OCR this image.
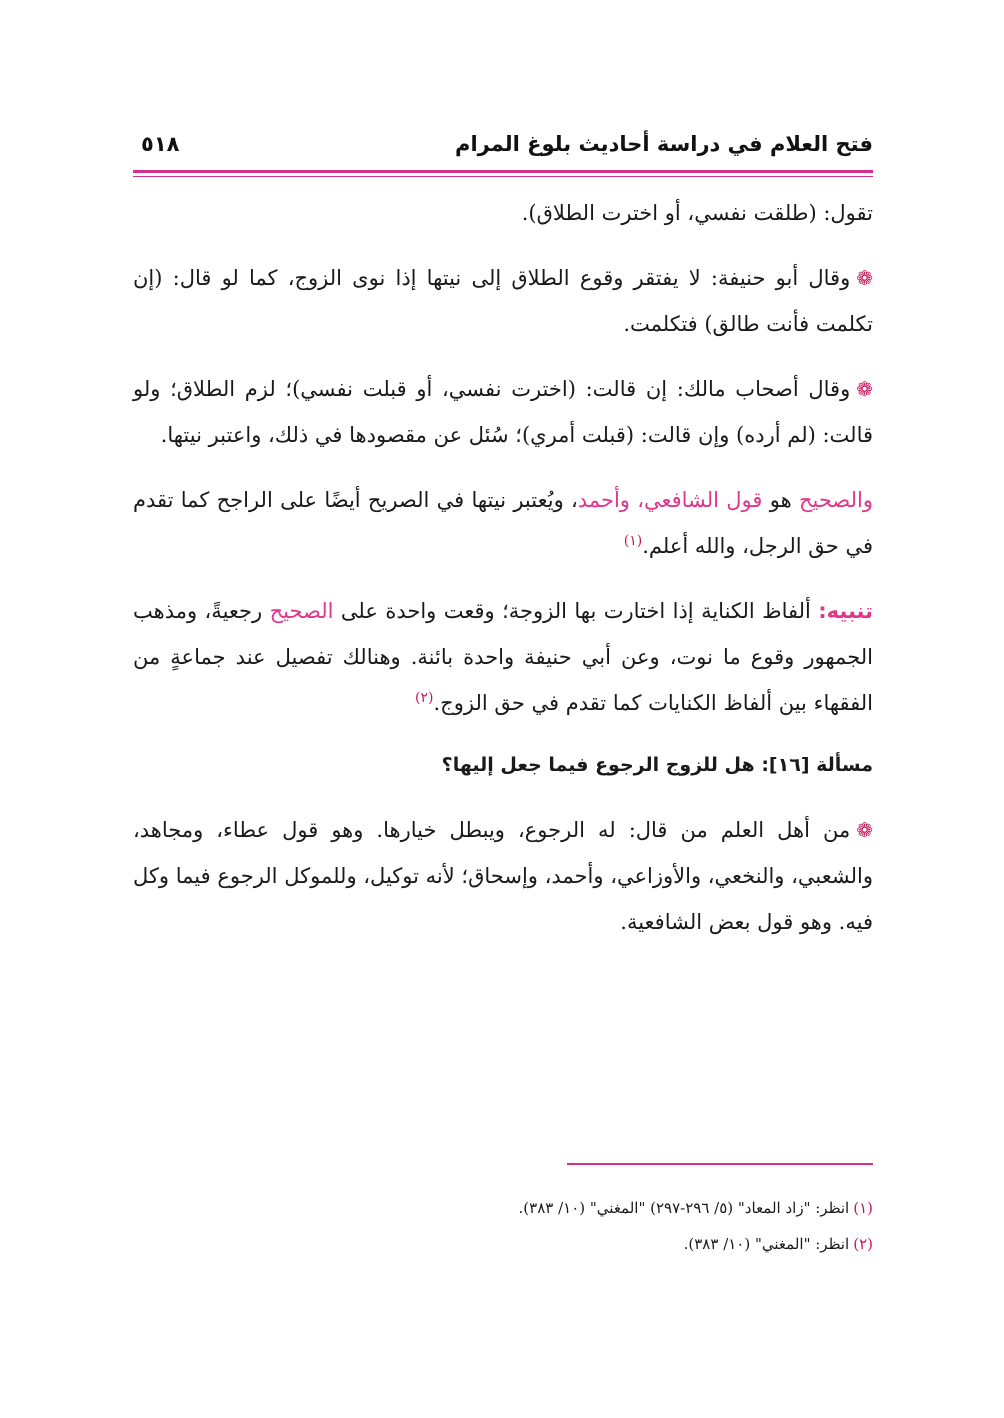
فتح العلام في دراسة أحاديث بلوغ المرام
٥١٨

تقول: (طلقت نفسي، أو اخترت الطلاق).

❁وقال أبو حنيفة: لا يفتقر وقوع الطلاق إلى نيتها إذا نوى الزوج، كما لو قال: (إن تكلمت فأنت طالق) فتكلمت.

❁وقال أصحاب مالك: إن قالت: (اخترت نفسي، أو قبلت نفسي)؛ لزم الطلاق؛ ولو قالت: (لم أرده) وإن قالت: (قبلت أمري)؛ سُئل عن مقصودها في ذلك، واعتبر نيتها.

والصحيح هو قول الشافعي، وأحمد، ويُعتبر نيتها في الصريح أيضًا على الراجح كما تقدم في حق الرجل، والله أعلم.$^{(١)}$

تنبيه: ألفاظ الكناية إذا اختارت بها الزوجة؛ وقعت واحدة على الصحيح رجعيةً، ومذهب الجمهور وقوع ما نوت، وعن أبي حنيفة واحدة بائنة. وهنالك تفصيل عند جماعةٍ من الفقهاء بين ألفاظ الكنايات كما تقدم في حق الزوج.$^{(٢)}$

مسألة [١٦]: هل للزوج الرجوع فيما جعل إليها؟

❁من أهل العلم من قال: له الرجوع، ويبطل خيارها. وهو قول عطاء، ومجاهد، والشعبي، والنخعي، والأوزاعي، وأحمد، وإسحاق؛ لأنه توكيل، وللموكل الرجوع فيما وكل فيه. وهو قول بعض الشافعية.

(١)انظر: "زاد المعاد" (٥/ ٢٩٦-٢٩٧) "المغني" (١٠/ ٣٨٣).
(٢)انظر: "المغني" (١٠/ ٣٨٣).
